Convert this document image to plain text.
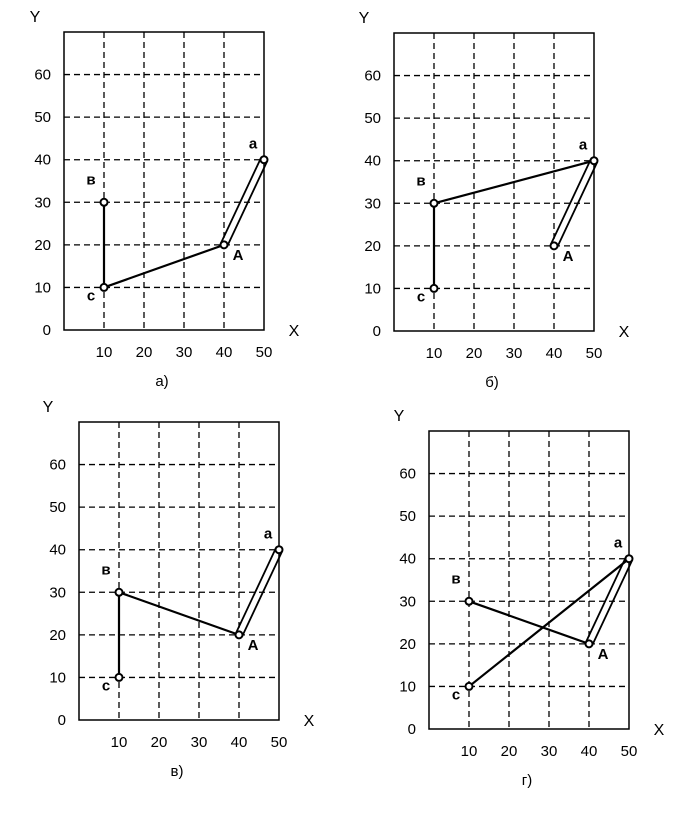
10 20 30 40 50
0
10
20
30
40
50
60
X
Y
a
в
c
A
а)
10 20 30 40 50
0
10
20
30
40
50
60
X
Y
a
в
c
A
б)
10 20 30 40 50
0
10
20
30
40
50
60
X
Y
a
в
c
A
в)
10 20 30 40 50
0
10
20
30
40
50
60
X
Y
a
в
c
A
г)
